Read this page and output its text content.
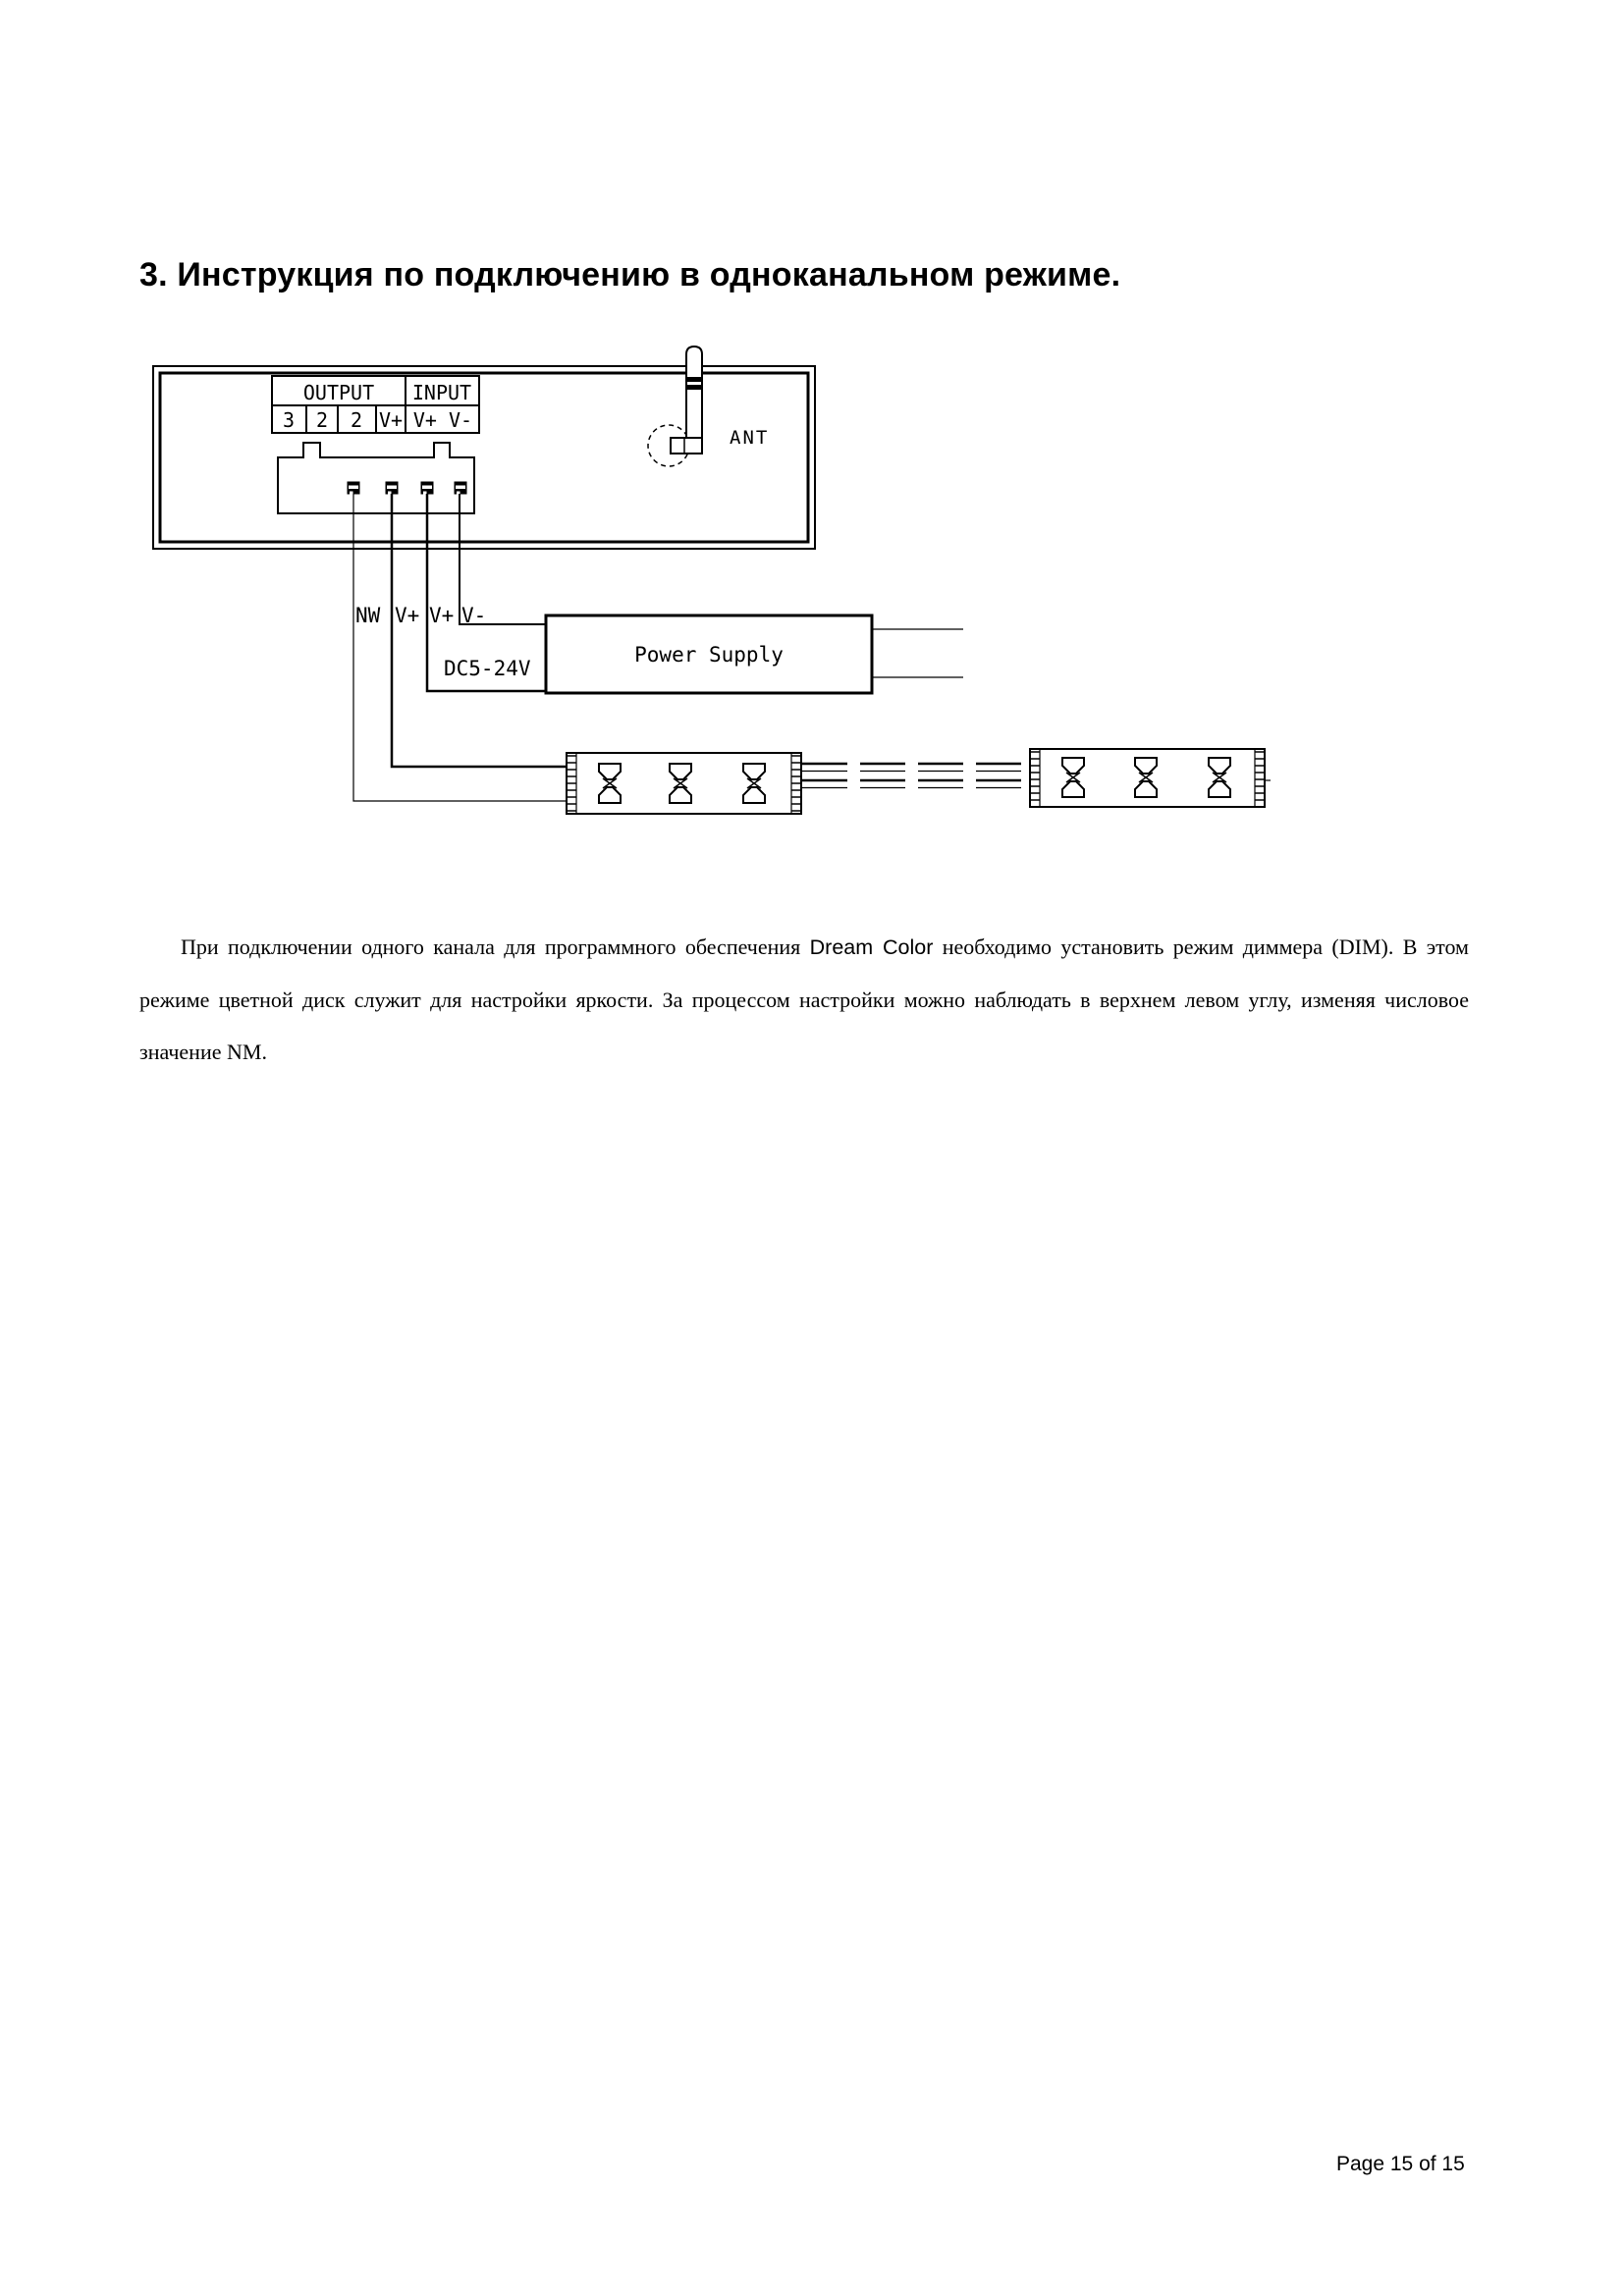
3. Инструкция по подключению в одноканальном режиме.
OUTPUT INPUT
3 2 2 V+ V+ V-
ANT
NW V+ V+ V-
DC5-24V
Power Supply

При подключении одного канала для программного обеспечения Dream Color необходимо установить режим диммера (DIM). В этом режиме цветной диск служит для настройки яркости. За процессом настройки можно наблюдать в верхнем левом углу, изменяя числовое значение NM.

Page 15 of 15
